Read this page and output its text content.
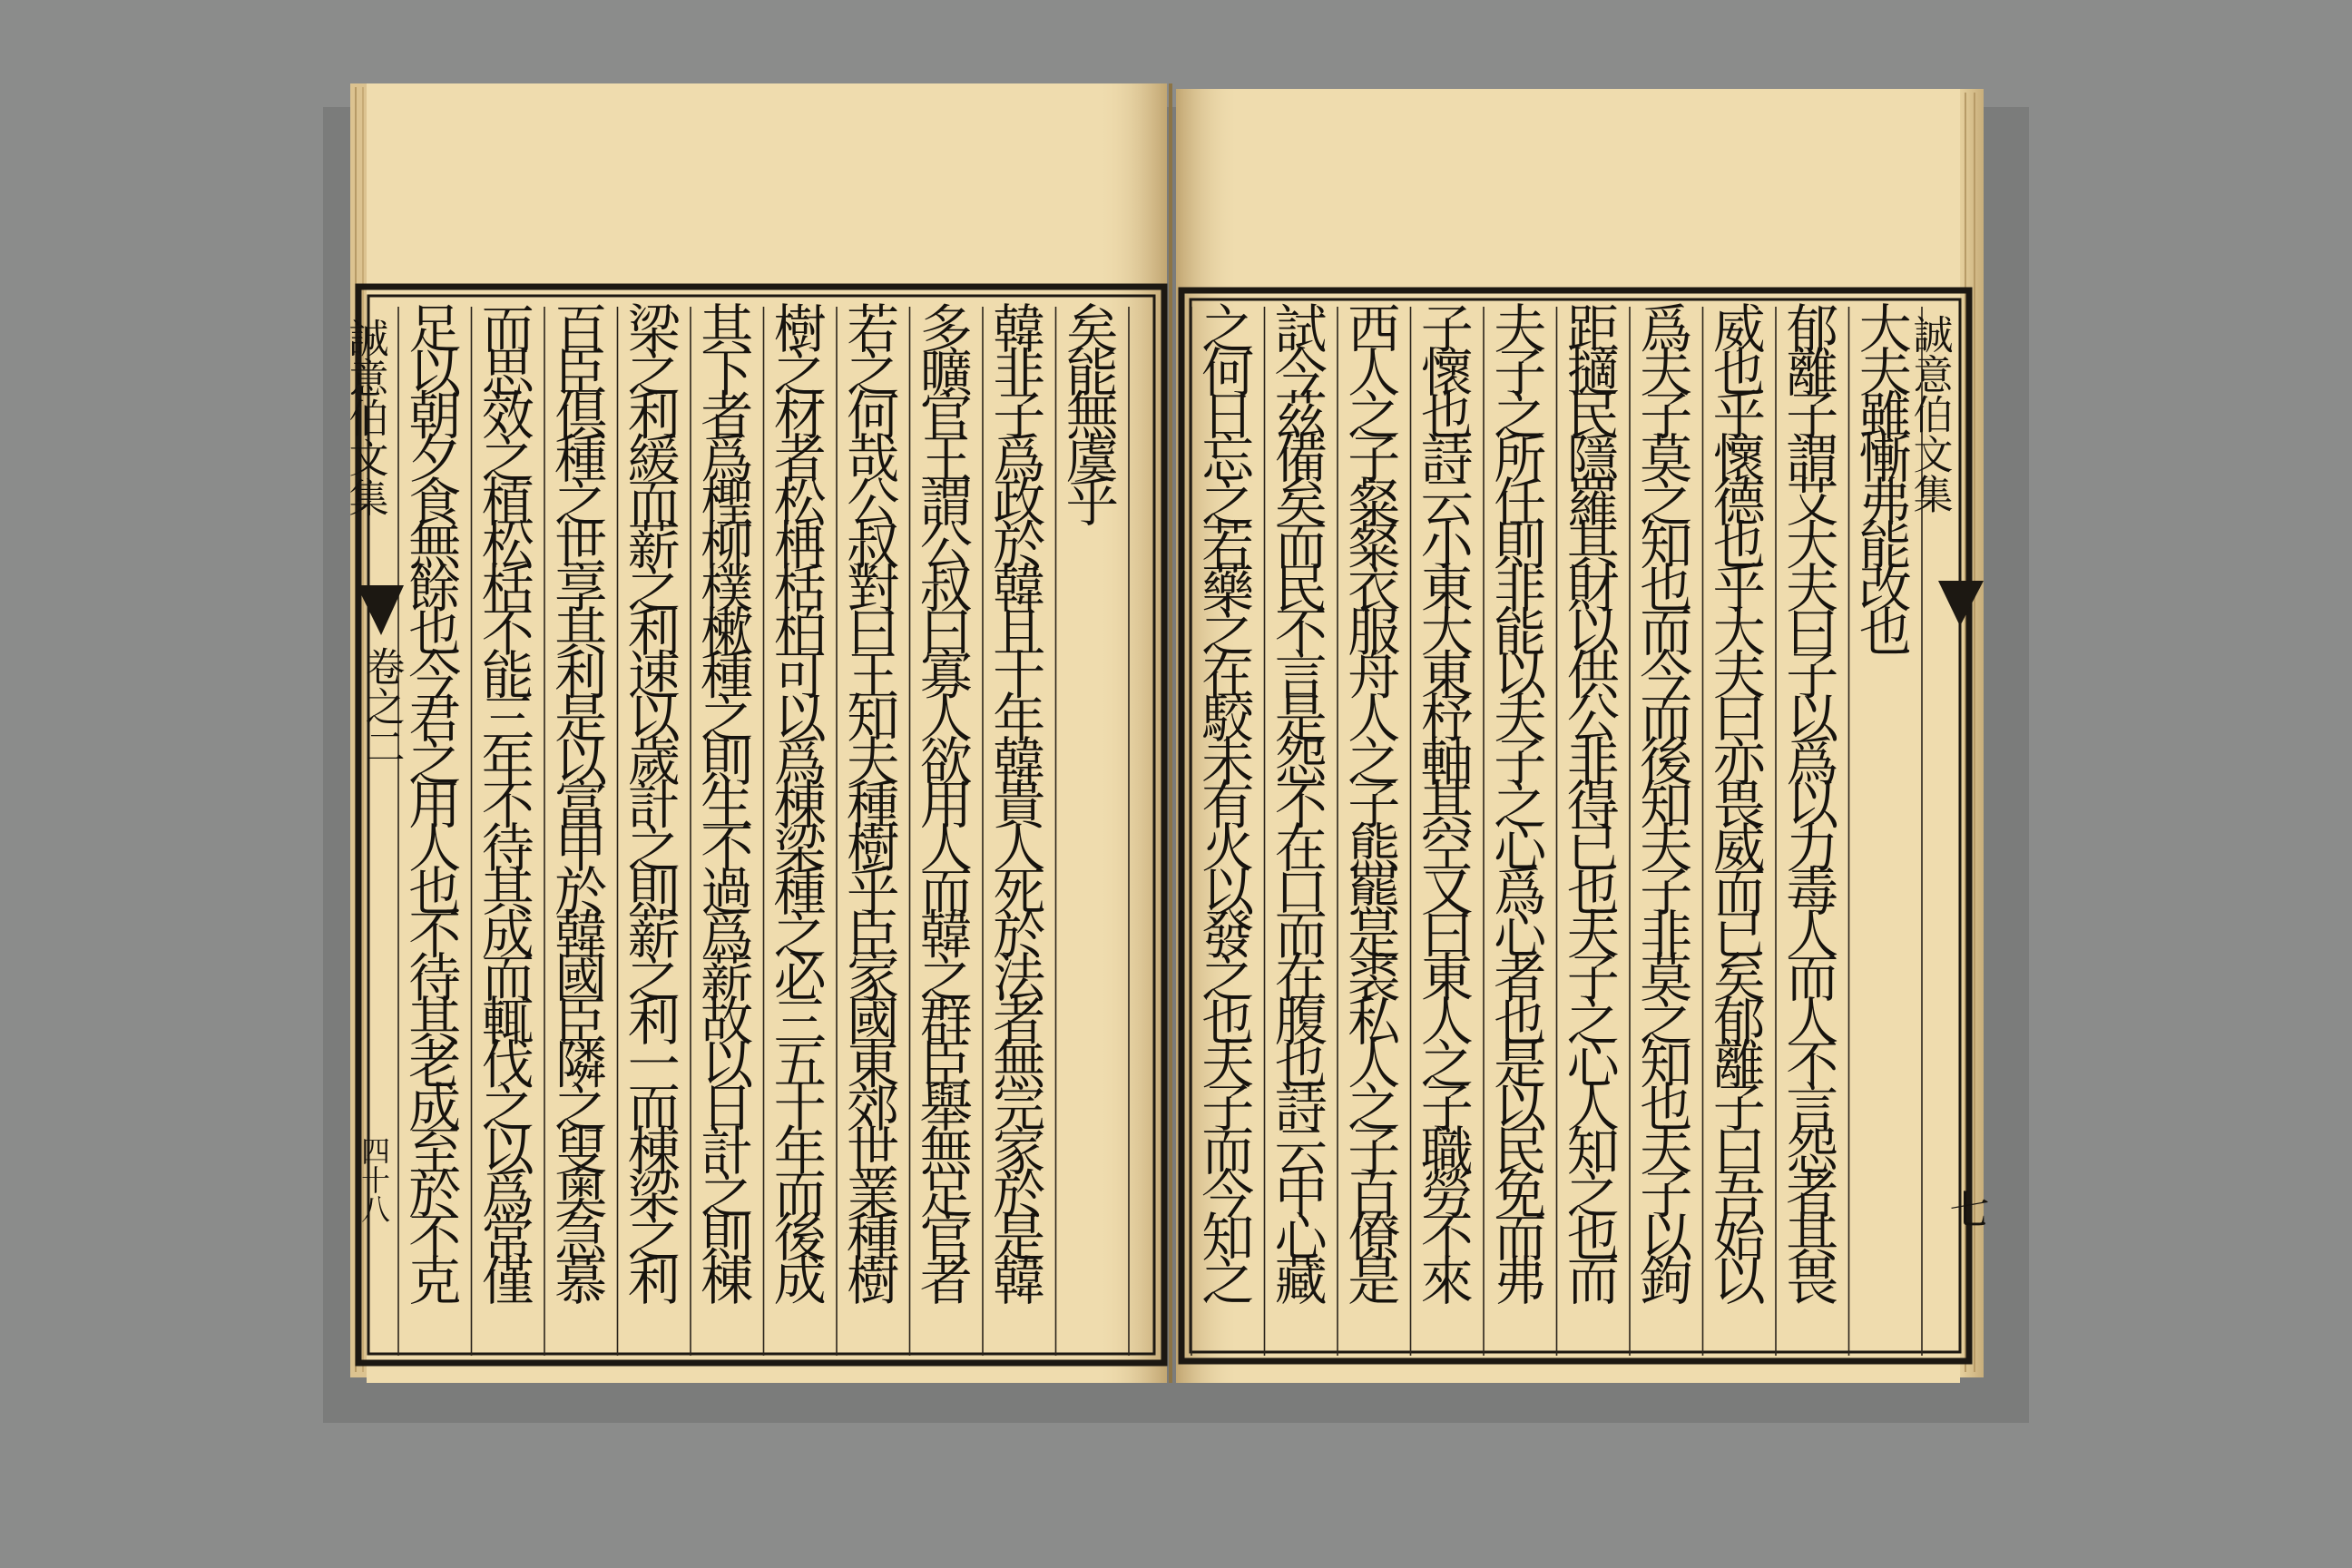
誠意伯文集
卷之二
四十八
矣能無虞乎
韓非子爲政於韓且十年韓貴人死於法者無完家於是韓
多曠官王謂公叔曰寡人欲用人而韓之群臣舉無足官者
若之何哉公叔對曰王知夫種樹乎臣家國東郊世業種樹
樹之材者松柟栝柏可以爲棟梁種之必三五十年而後成
其下者爲檉柳樸樕種之則生不過爲薪故以日計之則棟
梁之利緩而薪之利速以歲計之則薪之利一而棟梁之利
百臣倶種之世享其利是以富甲於韓國臣隣之叟奥急慕
而思效之植松栝不能三年不待其成而輒伐之以爲常僅
足以朝夕食無餘也今君之用人也不待其老成至於不克
誠意伯文集
七
大夫雖慚弗能改也
郁離子謂艾大夫曰子以爲以力毒人而人不言怨者其畏
威也乎懷德也乎大夫曰亦畏威而已矣郁離子曰吾始以
爲夫子莫之知也而今而後知夫子非莫之知也夫子以鉤
距擿民隱羅其財以供公非得已也夫子之心人知之也而
夫子之所任則非能以夫子之心爲心者也是以民免而弗
子懷也詩云小東大東杼軸其空又曰東人之子職勞不來
西人之子粲粲衣服舟人之子熊羆是裘私人之子百僚是
試今茲備矣而民不言是怨不在口而在腹也詩云中心藏
之何日忘之若藥之在駮未有火以發之也夫子而今知之
